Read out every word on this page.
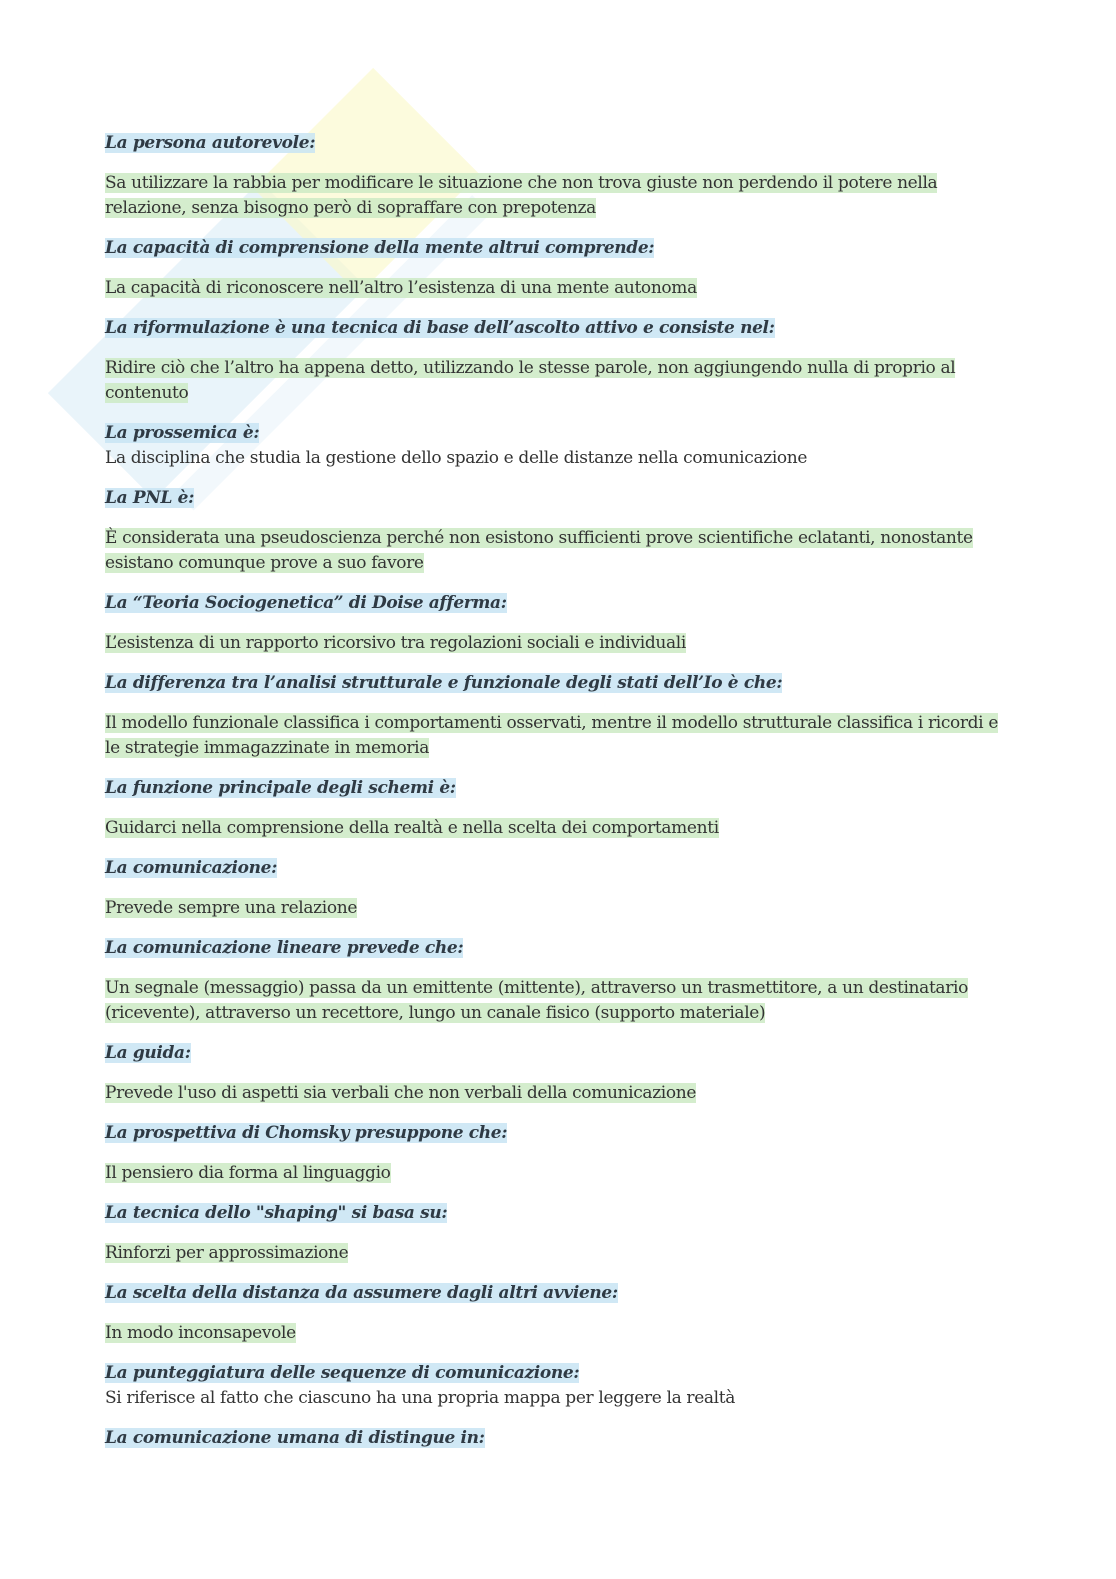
La persona autorevole:

Sa utilizzare la rabbia per modificare le situazione che non trova giuste non perdendo il potere nella relazione, senza bisogno però di sopraffare con prepotenza

La capacità di comprensione della mente altrui comprende:

La capacità di riconoscere nell’altro l’esistenza di una mente autonoma

La riformulazione è una tecnica di base dell’ascolto attivo e consiste nel:

Ridire ciò che l’altro ha appena detto, utilizzando le stesse parole, non aggiungendo nulla di proprio al contenuto

La prossemica è:

La disciplina che studia la gestione dello spazio e delle distanze nella comunicazione

La PNL è:

È considerata una pseudoscienza perché non esistono sufficienti prove scientifiche eclatanti, nonostante esistano comunque prove a suo favore

La “Teoria Sociogenetica” di Doise afferma:

L’esistenza di un rapporto ricorsivo tra regolazioni sociali e individuali

La differenza tra l’analisi strutturale e funzionale degli stati dell’Io è che:

Il modello funzionale classifica i comportamenti osservati, mentre il modello strutturale classifica i ricordi e le strategie immagazzinate in memoria

La funzione principale degli schemi è:

Guidarci nella comprensione della realtà e nella scelta dei comportamenti

La comunicazione:

Prevede sempre una relazione

La comunicazione lineare prevede che:

Un segnale (messaggio) passa da un emittente (mittente), attraverso un trasmettitore, a un destinatario (ricevente), attraverso un recettore, lungo un canale fisico (supporto materiale)

La guida:

Prevede l'uso di aspetti sia verbali che non verbali della comunicazione

La prospettiva di Chomsky presuppone che:

Il pensiero dia forma al linguaggio

La tecnica dello "shaping" si basa su:

Rinforzi per approssimazione

La scelta della distanza da assumere dagli altri avviene:

In modo inconsapevole

La punteggiatura delle sequenze di comunicazione:

Si riferisce al fatto che ciascuno ha una propria mappa per leggere la realtà

La comunicazione umana di distingue in:
